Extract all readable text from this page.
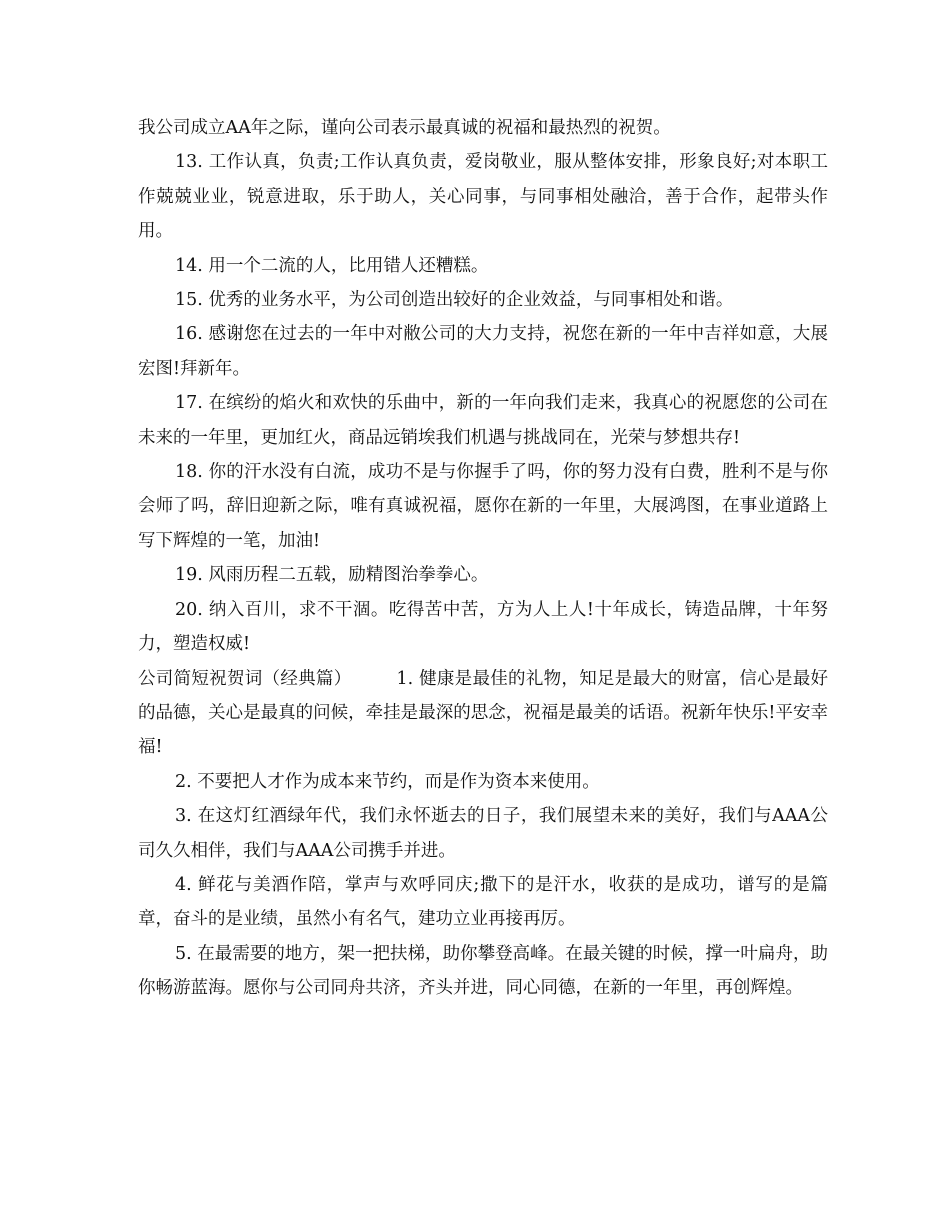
我公司成立AA年之际，谨向公司表示最真诚的祝福和最热烈的祝贺。

13. 工作认真，负责;工作认真负责，爱岗敬业，服从整体安排，形象良好;对本职工作兢兢业业，锐意进取，乐于助人，关心同事，与同事相处融洽，善于合作，起带头作用。

14. 用一个二流的人，比用错人还糟糕。

15. 优秀的业务水平，为公司创造出较好的企业效益，与同事相处和谐。

16. 感谢您在过去的一年中对敝公司的大力支持，祝您在新的一年中吉祥如意，大展宏图!拜新年。

17. 在缤纷的焰火和欢快的乐曲中，新的一年向我们走来，我真心的祝愿您的公司在未来的一年里，更加红火，商品远销埃我们机遇与挑战同在，光荣与梦想共存!

18. 你的汗水没有白流，成功不是与你握手了吗，你的努力没有白费，胜利不是与你会师了吗，辞旧迎新之际，唯有真诚祝福，愿你在新的一年里，大展鸿图，在事业道路上写下辉煌的一笔，加油!

19. 风雨历程二五载，励精图治拳拳心。

20. 纳入百川，求不干涸。吃得苦中苦，方为人上人!十年成长，铸造品牌，十年努力，塑造权威!

公司简短祝贺词（经典篇）	1. 健康是最佳的礼物，知足是最大的财富，信心是最好的品德，关心是最真的问候，牵挂是最深的思念，祝福是最美的话语。祝新年快乐!平安幸福!

2. 不要把人才作为成本来节约，而是作为资本来使用。

3. 在这灯红酒绿年代，我们永怀逝去的日子，我们展望未来的美好，我们与AAA公司久久相伴，我们与AAA公司携手并进。

4. 鲜花与美酒作陪，掌声与欢呼同庆;撒下的是汗水，收获的是成功，谱写的是篇章，奋斗的是业绩，虽然小有名气，建功立业再接再厉。

5. 在最需要的地方，架一把扶梯，助你攀登高峰。在最关键的时候，撑一叶扁舟，助你畅游蓝海。愿你与公司同舟共济，齐头并进，同心同德，在新的一年里，再创辉煌。
